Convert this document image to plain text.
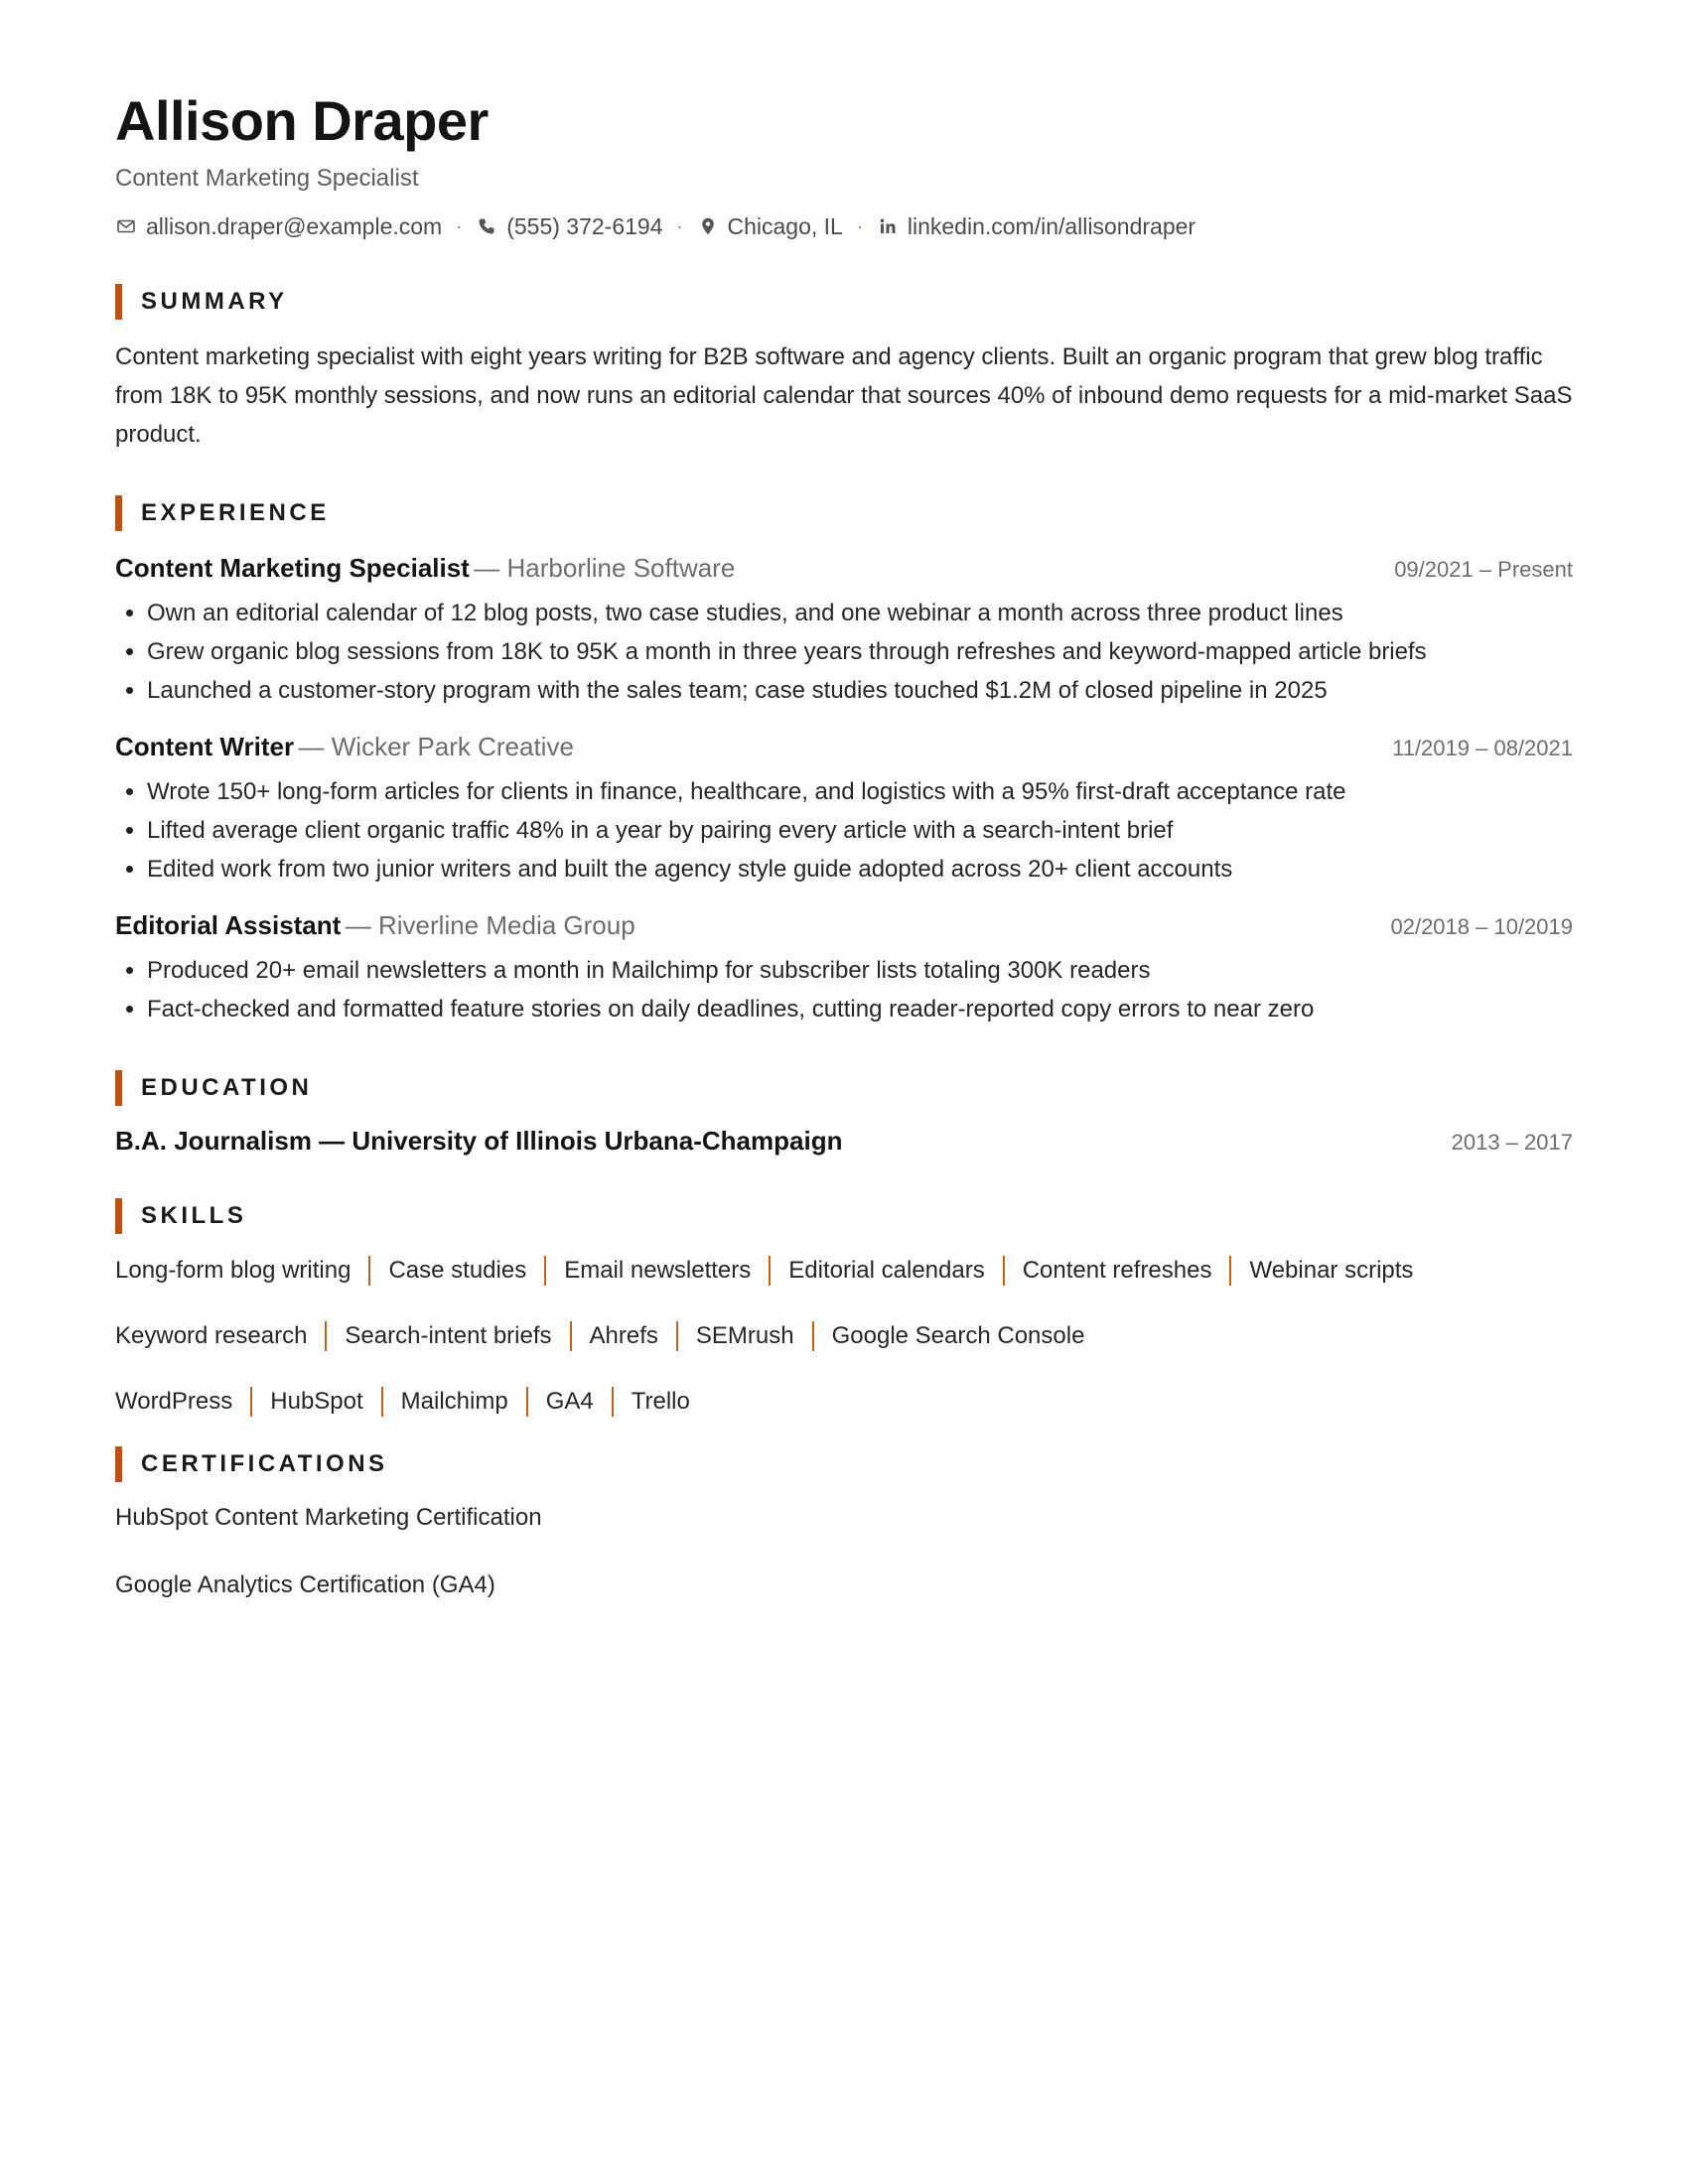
Allison Draper
Content Marketing Specialist
allison.draper@example.com · (555) 372-6194 · Chicago, IL · linkedin.com/in/allisondraper
SUMMARY
Content marketing specialist with eight years writing for B2B software and agency clients. Built an organic program that grew blog traffic from 18K to 95K monthly sessions, and now runs an editorial calendar that sources 40% of inbound demo requests for a mid-market SaaS product.
EXPERIENCE
Content Marketing Specialist — Harborline Software	09/2021 – Present
• Own an editorial calendar of 12 blog posts, two case studies, and one webinar a month across three product lines
• Grew organic blog sessions from 18K to 95K a month in three years through refreshes and keyword-mapped article briefs
• Launched a customer-story program with the sales team; case studies touched $1.2M of closed pipeline in 2025
Content Writer — Wicker Park Creative	11/2019 – 08/2021
• Wrote 150+ long-form articles for clients in finance, healthcare, and logistics with a 95% first-draft acceptance rate
• Lifted average client organic traffic 48% in a year by pairing every article with a search-intent brief
• Edited work from two junior writers and built the agency style guide adopted across 20+ client accounts
Editorial Assistant — Riverline Media Group	02/2018 – 10/2019
• Produced 20+ email newsletters a month in Mailchimp for subscriber lists totaling 300K readers
• Fact-checked and formatted feature stories on daily deadlines, cutting reader-reported copy errors to near zero
EDUCATION
B.A. Journalism — University of Illinois Urbana-Champaign	2013 – 2017
SKILLS
Long-form blog writing Case studies Email newsletters Editorial calendars Content refreshes Webinar scripts
Keyword research Search-intent briefs Ahrefs SEMrush Google Search Console
WordPress HubSpot Mailchimp GA4 Trello
CERTIFICATIONS
HubSpot Content Marketing Certification
Google Analytics Certification (GA4)
